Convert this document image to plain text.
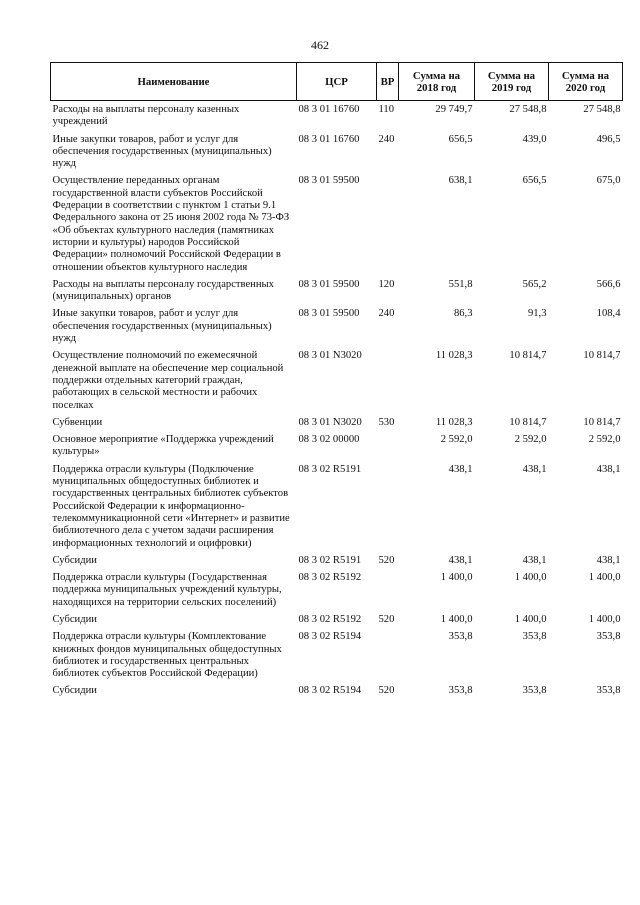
462
Наименование	ЦСР	ВР	Сумма на 2018 год	Сумма на 2019 год	Сумма на 2020 год
Расходы на выплаты персоналу казенных учреждений	08 3 01 16760	110	29 749,7	27 548,8	27 548,8
Иные закупки товаров, работ и услуг для обеспечения государственных (муниципальных) нужд	08 3 01 16760	240	656,5	439,0	496,5
Осуществление переданных органам государственной власти субъектов Российской Федерации в соответствии с пунктом 1 статьи 9.1 Федерального закона от 25 июня 2002 года № 73-ФЗ «Об объектах культурного наследия (памятниках истории и культуры) народов Российской Федерации» полномочий Российской Федерации в отношении объектов культурного наследия	08 3 01 59500		638,1	656,5	675,0
Расходы на выплаты персоналу государственных (муниципальных) органов	08 3 01 59500	120	551,8	565,2	566,6
Иные закупки товаров, работ и услуг для обеспечения государственных (муниципальных) нужд	08 3 01 59500	240	86,3	91,3	108,4
Осуществление полномочий по ежемесячной денежной выплате на обеспечение мер социальной поддержки отдельных категорий граждан, работающих в сельской местности и рабочих поселках	08 3 01 N3020		11 028,3	10 814,7	10 814,7
Субвенции	08 3 01 N3020	530	11 028,3	10 814,7	10 814,7
Основное мероприятие «Поддержка учреждений культуры»	08 3 02 00000		2 592,0	2 592,0	2 592,0
Поддержка отрасли культуры (Подключение муниципальных общедоступных библиотек и государственных центральных библиотек субъектов Российской Федерации к информационно-телекоммуникационной сети «Интернет» и развитие библиотечного дела с учетом задачи расширения информационных технологий и оцифровки)	08 3 02 R5191		438,1	438,1	438,1
Субсидии	08 3 02 R5191	520	438,1	438,1	438,1
Поддержка отрасли культуры (Государственная поддержка муниципальных учреждений культуры, находящихся на территории сельских поселений)	08 3 02 R5192		1 400,0	1 400,0	1 400,0
Субсидии	08 3 02 R5192	520	1 400,0	1 400,0	1 400,0
Поддержка отрасли культуры (Комплектование книжных фондов муниципальных общедоступных библиотек и государственных центральных библиотек субъектов Российской Федерации)	08 3 02 R5194		353,8	353,8	353,8
Субсидии	08 3 02 R5194	520	353,8	353,8	353,8
